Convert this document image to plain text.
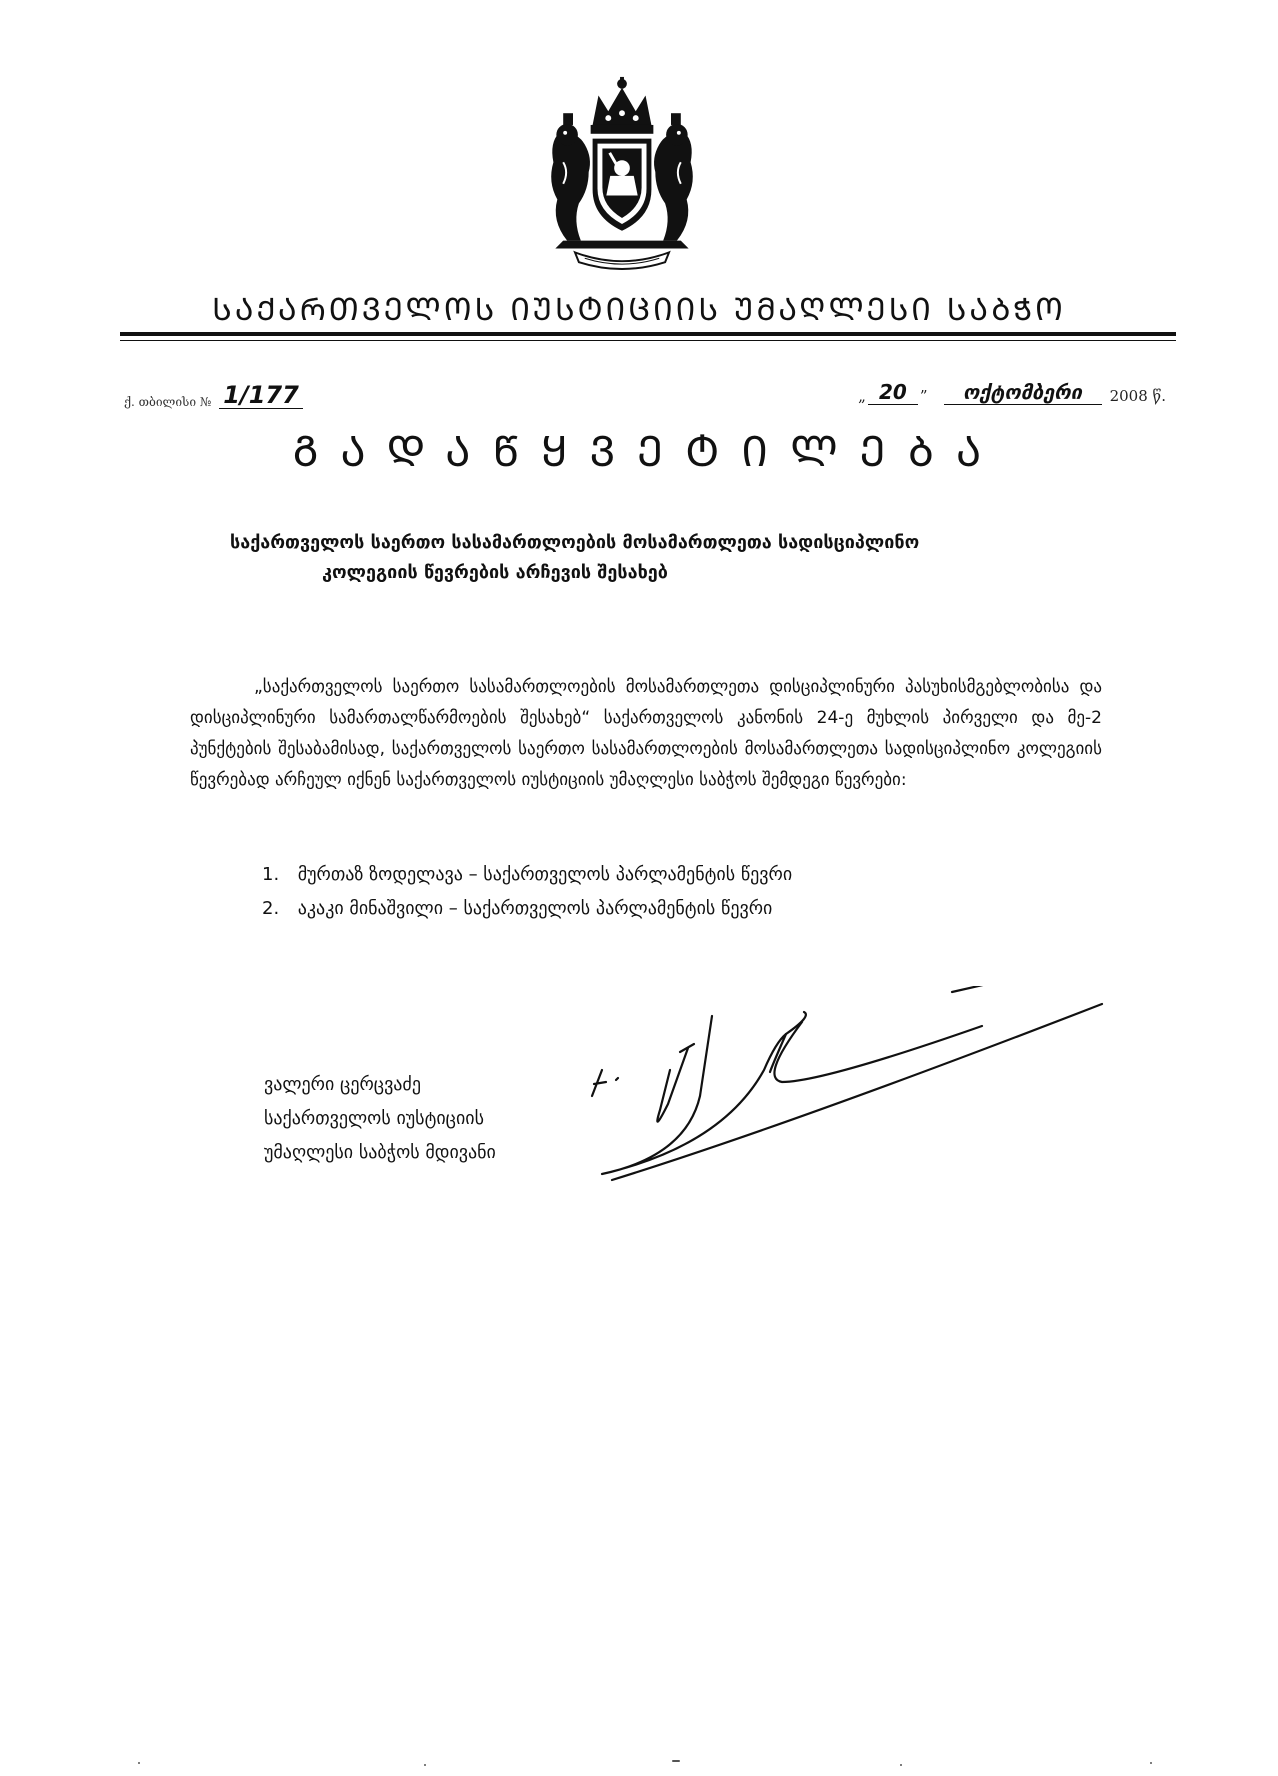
ᲡᲐᲥᲐᲠᲗᲕᲔᲚᲝᲡ ᲘᲣᲡᲢᲘᲪᲘᲘᲡ ᲣᲛᲐᲦᲚᲔᲡᲘ ᲡᲐᲑᲭᲝ
ქ. თბილისი № 1/177	„ 20 ”	ოქტომბერი	2008 წ.
ᲒᲐᲓᲐᲬᲧᲕᲔᲢᲘᲚᲔᲑᲐ
საქართველოს საერთო სასამართლოების მოსამართლეთა სადისციპლინო
კოლეგიის წევრების არჩევის შესახებ
„საქართველოს საერთო სასამართლოების მოსამართლეთა დისციპლინური პასუხისმგებლობისა და დისციპლინური სამართალწარმოების შესახებ“ საქართველოს კანონის 24-ე მუხლის პირველი და მე-2 პუნქტების შესაბამისად, საქართველოს საერთო სასამართლოების მოსამართლეთა სადისციპლინო კოლეგიის წევრებად არჩეულ იქნენ საქართველოს იუსტიციის უმაღლესი საბჭოს შემდეგი წევრები:
1. მურთაზ ზოდელავა – საქართველოს პარლამენტის წევრი
2. აკაკი მინაშვილი – საქართველოს პარლამენტის წევრი
ვალერი ცერცვაძე
საქართველოს იუსტიციის
უმაღლესი საბჭოს მდივანი
